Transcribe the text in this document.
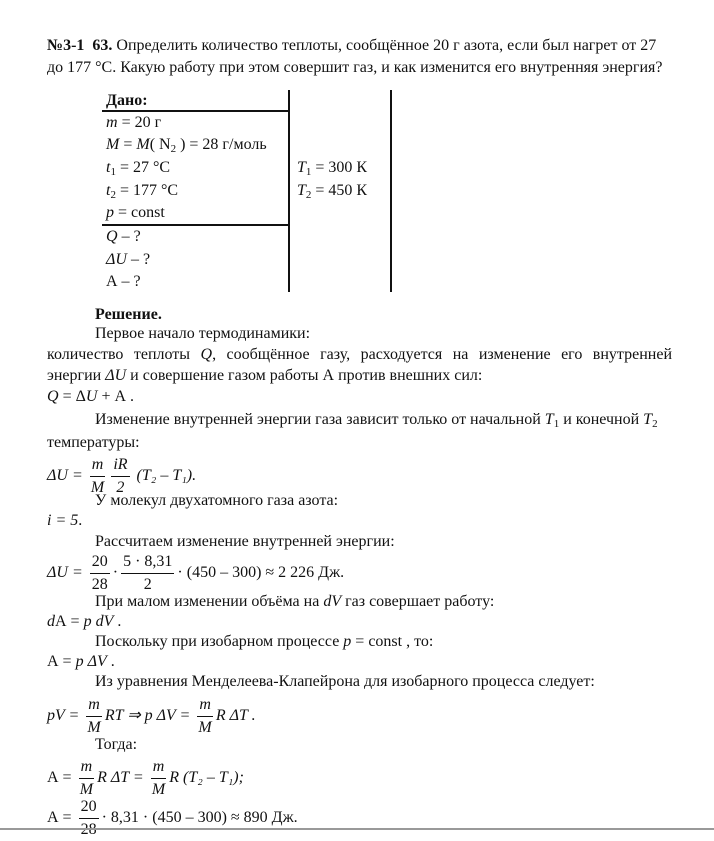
№3-1 63. Определить количество теплоты, сообщённое 20 г азота, если был нагрет от 27
до 177 °С. Какую работу при этом совершит газ, и как изменится его внутренняя энергия?
Дано:
m = 20 г
M = M( $N_2$ ) = 28 г/моль
$t_1 = 27$ °C
$t_2 = 177$ °C
p = const
$T_1 = 300$ К
$T_2 = 450$ К
Q – ?
ΔU – ?
А – ?
Решение.
Первое начало термодинамики:
количество теплоты Q, сообщённое газу, расходуется на изменение его внутренней
энергии ΔU и совершение газом работы А против внешних сил:
Q = ΔU + А .
Изменение внутренней энергии газа зависит только от начальной $T_1$ и конечной $T_2$
температуры:
$\Delta U = \frac{m}{M} \frac{iR}{2} (T_2 - T_1)$.
У молекул двухатомного газа азота:
i = 5.
Рассчитаем изменение внутренней энергии:
$\Delta U = \frac{20}{28} \cdot \frac{5 \cdot 8,31}{2} \cdot (450 - 300) \approx 2$ 226 Дж.
При малом изменении объёма на dV газ совершает работу:
dА = p dV .
Поскольку при изобарном процессе p = const , то:
А = p ΔV .
Из уравнения Менделеева-Клапейрона для изобарного процесса следует:
pV = $\frac{m}{M}$ RT ⇒ p $\Delta V = \frac{m}{M}$ R ΔT .
Тогда:
$А = \frac{m}{M}$ R $\Delta T = \frac{m}{M}$ R (T₂ – T₁);
А =
20
· 8,31 · (450 – 300) ≈ 890 Дж.
